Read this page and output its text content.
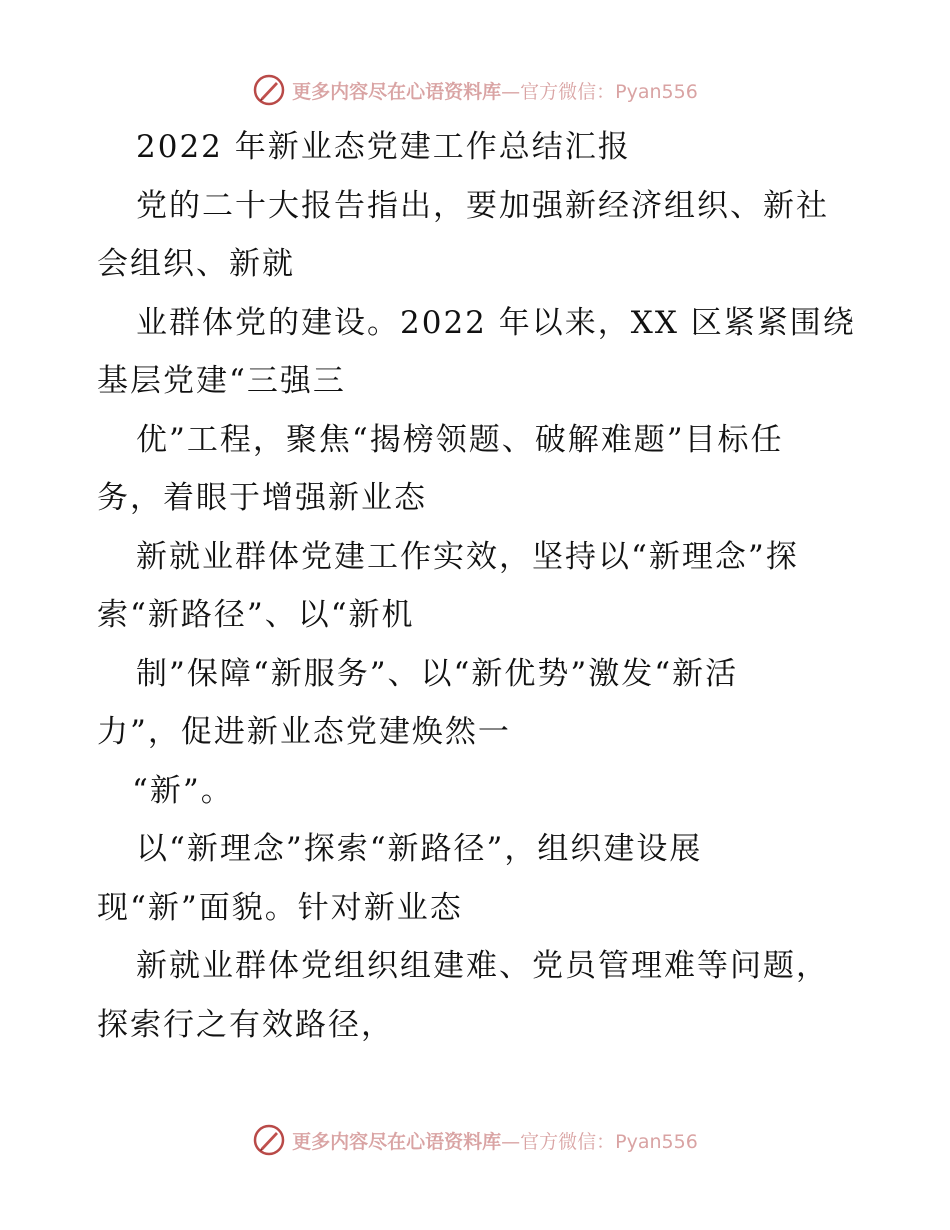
更多内容尽在心语资料库—官方微信：Pyan556
2022 年新业态党建工作总结汇报
党的二十大报告指出，要加强新经济组织、新社
会组织、新就
业群体党的建设。2022 年以来，XX 区紧紧围绕
基层党建“三强三
优”工程，聚焦“揭榜领题、破解难题”目标任
务，着眼于增强新业态
新就业群体党建工作实效，坚持以“新理念”探
索“新路径”、以“新机
制”保障“新服务”、以“新优势”激发“新活
力”，促进新业态党建焕然一
“新”。
以“新理念”探索“新路径”，组织建设展
现“新”面貌。针对新业态
新就业群体党组织组建难、党员管理难等问题，
探索行之有效路径，
更多内容尽在心语资料库—官方微信：Pyan556
